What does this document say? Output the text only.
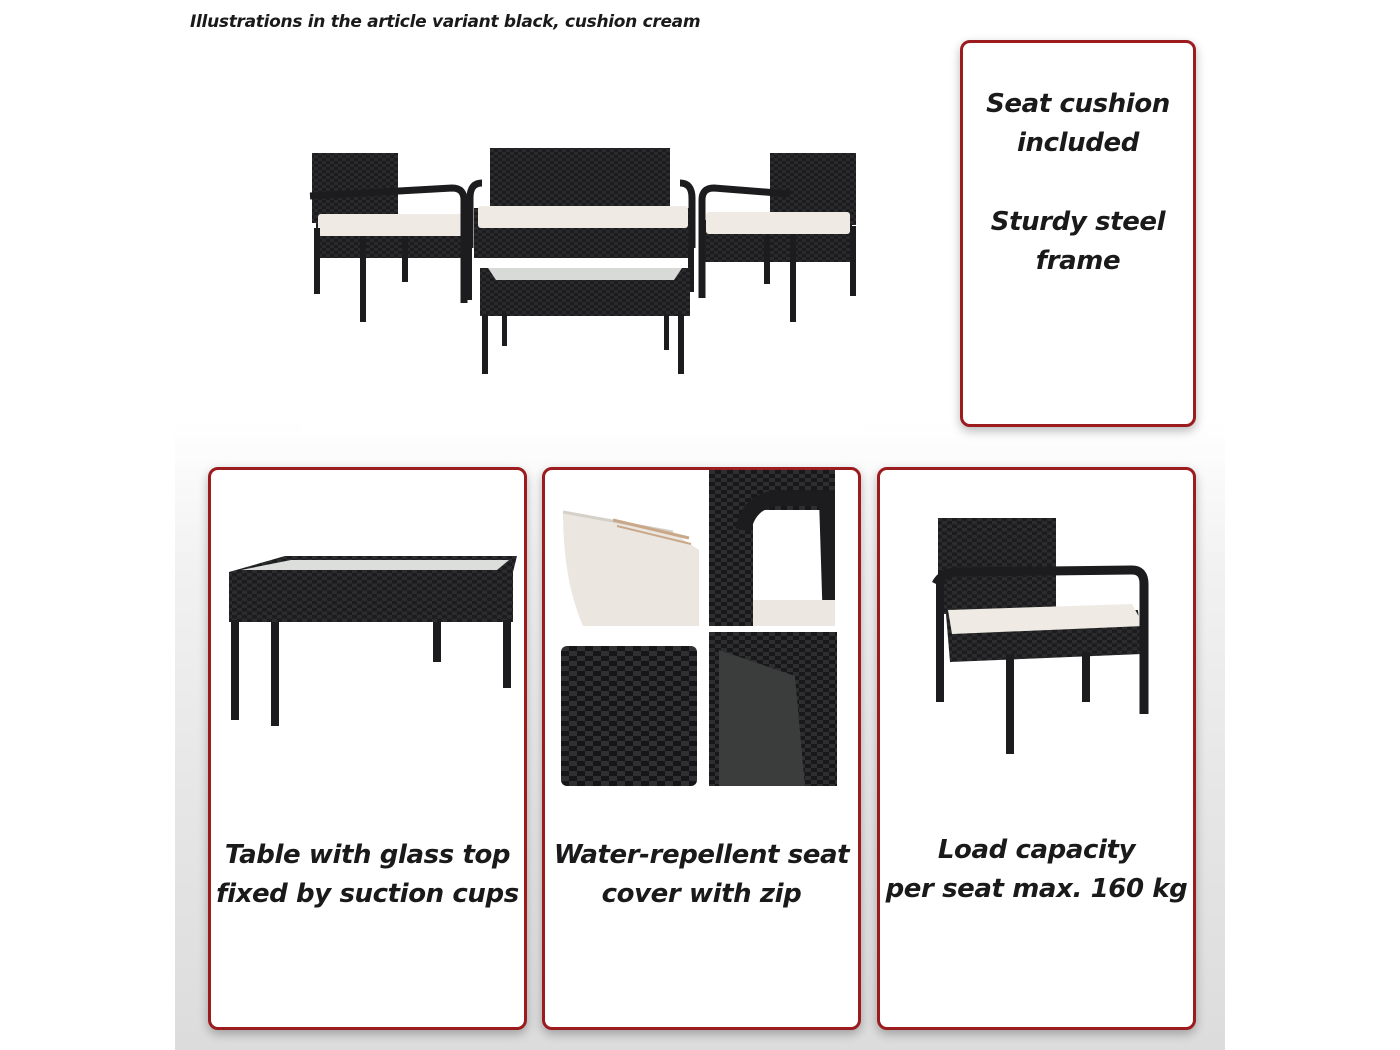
Illustrations in the article variant black, cushion cream
Seat cushion
included
Sturdy steel
frame
Table with glass top
fixed by suction cups
Water-repellent seat
cover with zip
Load capacity
per seat max. 160 kg
